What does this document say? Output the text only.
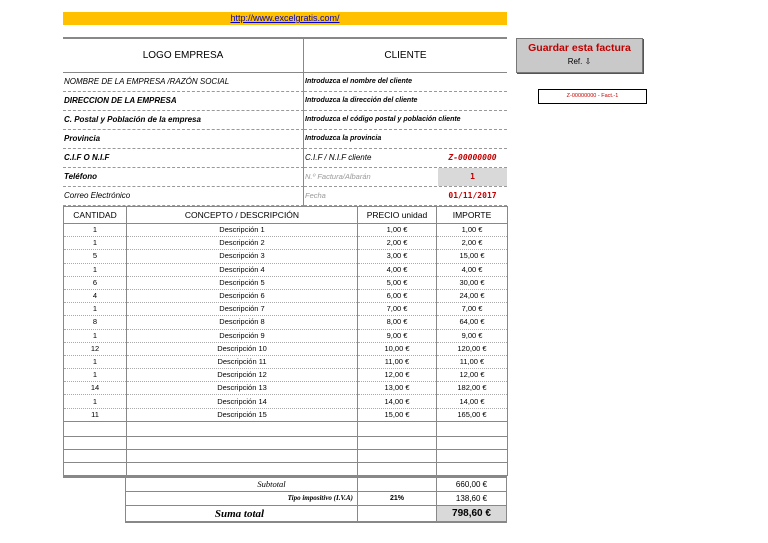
http://www.excelgratis.com/
LOGO EMPRESA	CLIENTE
NOMBRE DE LA EMPRESA /RAZÓN SOCIAL	Introduzca el nombre del cliente
DIRECCION DE LA EMPRESA	Introduzca la dirección del cliente
C. Postal y Población de la empresa	Introduzca el código postal y población cliente
Provincia	Introduzca la provincia
C.I.F O N.I.F	C.I.F / N.I.F cliente	Z-00000000
Teléfono	N.º Factura/Albarán	1
Correo Electrónico	Fecha	01/11/2017
CANTIDAD	CONCEPTO / DESCRIPCIÓN	PRECIO unidad	IMPORTE
1	Descripción 1	1,00 €	1,00 €
1	Descripción 2	2,00 €	2,00 €
5	Descripción 3	3,00 €	15,00 €
1	Descripción 4	4,00 €	4,00 €
6	Descripción 5	5,00 €	30,00 €
4	Descripción 6	6,00 €	24,00 €
1	Descripción 7	7,00 €	7,00 €
8	Descripción 8	8,00 €	64,00 €
1	Descripción 9	9,00 €	9,00 €
12	Descripción 10	10,00 €	120,00 €
1	Descripción 11	11,00 €	11,00 €
1	Descripción 12	12,00 €	12,00 €
14	Descripción 13	13,00 €	182,00 €
1	Descripción 14	14,00 €	14,00 €
11	Descripción 15	15,00 €	165,00 €

Subtotal	660,00 €
Tipo impositivo (I.V.A)	21%	138,60 €
Suma total	798,60 €
Guardar esta factura
Ref. ⇩
Z-00000000 - Fact.-1
